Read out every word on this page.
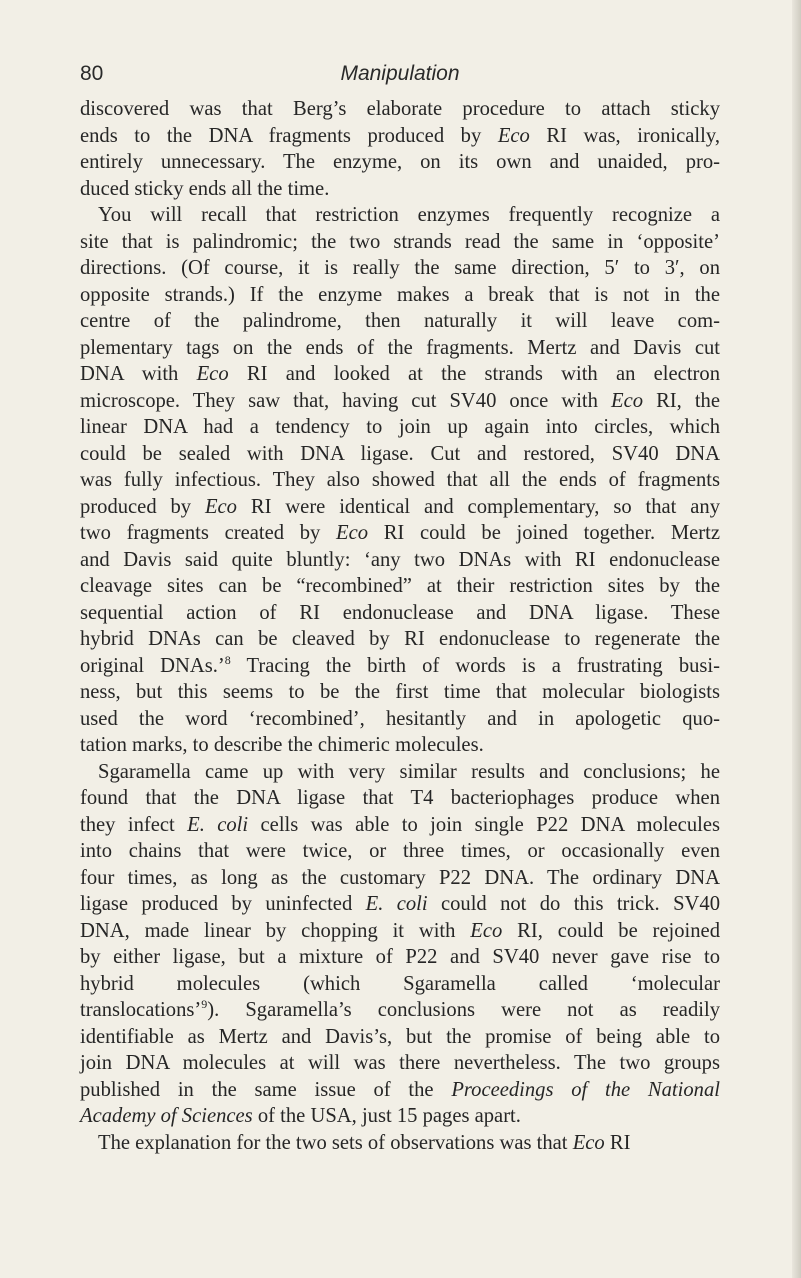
80	Manipulation
discovered was that Berg’s elaborate procedure to attach sticky
ends to the DNA fragments produced by Eco RI was, ironically,
entirely unnecessary. The enzyme, on its own and unaided, pro-
duced sticky ends all the time.
You will recall that restriction enzymes frequently recognize a
site that is palindromic; the two strands read the same in ‘opposite’
directions. (Of course, it is really the same direction, 5′ to 3′, on
opposite strands.) If the enzyme makes a break that is not in the
centre of the palindrome, then naturally it will leave com-
plementary tags on the ends of the fragments. Mertz and Davis cut
DNA with Eco RI and looked at the strands with an electron
microscope. They saw that, having cut SV40 once with Eco RI, the
linear DNA had a tendency to join up again into circles, which
could be sealed with DNA ligase. Cut and restored, SV40 DNA
was fully infectious. They also showed that all the ends of fragments
produced by Eco RI were identical and complementary, so that any
two fragments created by Eco RI could be joined together. Mertz
and Davis said quite bluntly: ‘any two DNAs with RI endonuclease
cleavage sites can be “recombined” at their restriction sites by the
sequential action of RI endonuclease and DNA ligase. These
hybrid DNAs can be cleaved by RI endonuclease to regenerate the
original DNAs.’$^8$ Tracing the birth of words is a frustrating busi-
ness, but this seems to be the first time that molecular biologists
used the word ‘recombined’, hesitantly and in apologetic quo-
tation marks, to describe the chimeric molecules.
Sgaramella came up with very similar results and conclusions; he
found that the DNA ligase that T4 bacteriophages produce when
they infect E. coli cells was able to join single P22 DNA molecules
into chains that were twice, or three times, or occasionally even
four times, as long as the customary P22 DNA. The ordinary DNA
ligase produced by uninfected E. coli could not do this trick. SV40
DNA, made linear by chopping it with Eco RI, could be rejoined
by either ligase, but a mixture of P22 and SV40 never gave rise to
hybrid molecules (which Sgaramella called ‘molecular
translocations’$^9$). Sgaramella’s conclusions were not as readily
identifiable as Mertz and Davis’s, but the promise of being able to
join DNA molecules at will was there nevertheless. The two groups
published in the same issue of the Proceedings of the National
Academy of Sciences of the USA, just 15 pages apart.
The explanation for the two sets of observations was that Eco RI
